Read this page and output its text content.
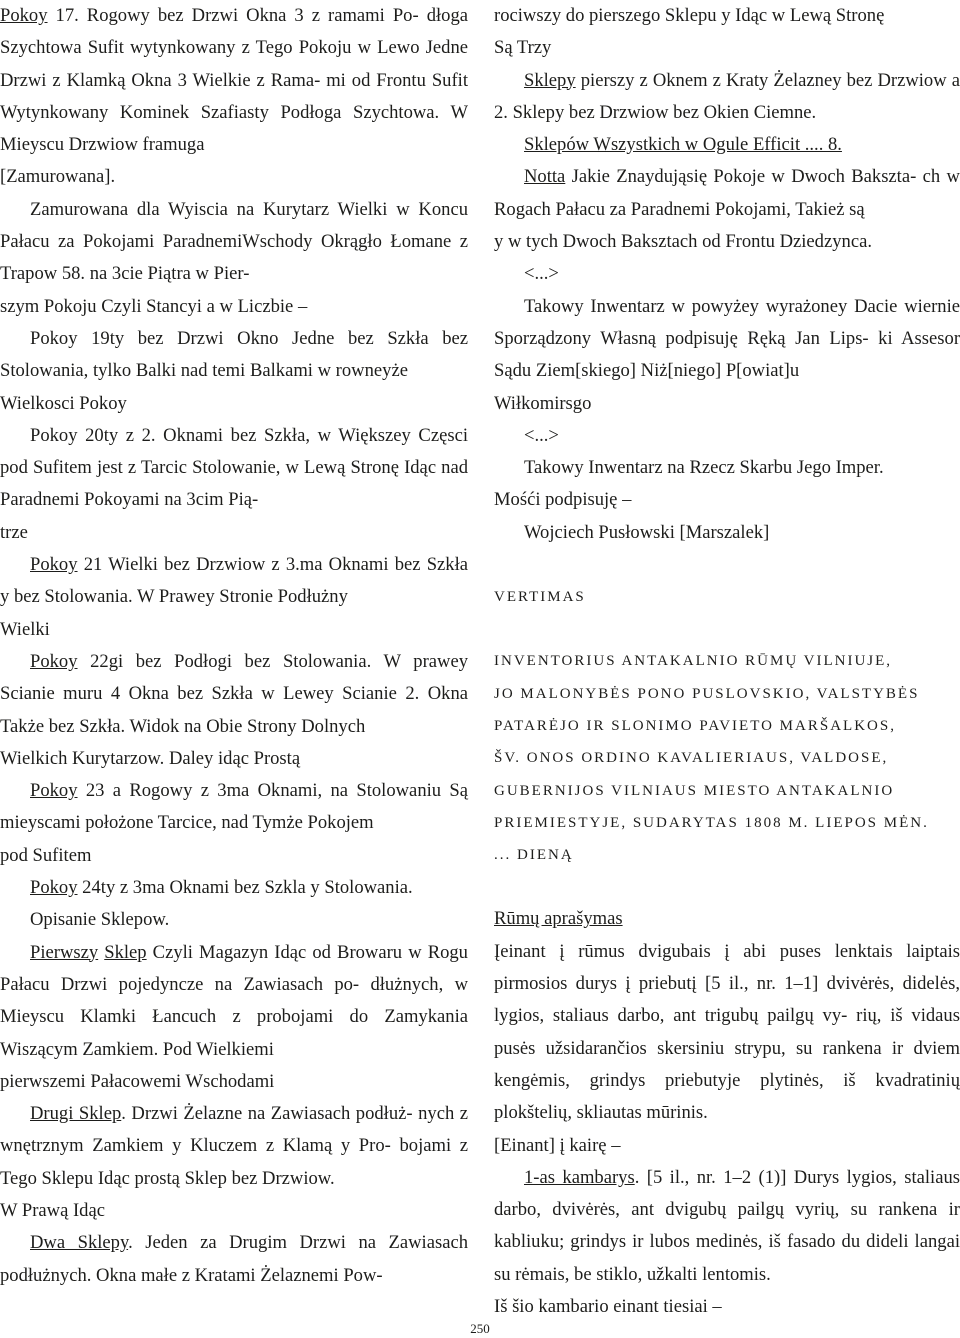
Pokoy 17. Rogowy bez Drzwi Okna 3 z ramami Po- dłoga Szychtowa Sufit wytynkowany z Tego Pokoju w Lewo Jedne Drzwi z Klamką Okna 3 Wielkie z Rama- mi od Frontu Sufit Wytynkowany Kominek Szafiasty Podłoga Szychtowa. W Mieyscu Drzwiow framuga

[Zamurowana].

Zamurowana dla Wyiscia na Kurytarz Wielki w Koncu Pałacu za Pokojami ParadnemiWschody Okrągło Łomane z Trapow 58. na 3cie Piątra w Pier-

szym Pokoju Czyli Stancyi a w Liczbie –

Pokoy 19ty bez Drzwi Okno Jedne bez Szkła bez Stolowania, tylko Balki nad temi Balkami w rowneyże

Wielkosci Pokoy

Pokoy 20ty z 2. Oknami bez Szkła, w Większey Częsci pod Sufitem jest z Tarcic Stolowanie, w Lewą Stronę Idąc nad Paradnemi Pokoyami na 3cim Pią-

trze

Pokoy 21 Wielki bez Drzwiow z 3.ma Oknami bez Szkła y bez Stolowania. W Prawey Stronie Podłużny

Wielki

Pokoy 22gi bez Podłogi bez Stolowania. W prawey Scianie muru 4 Okna bez Szkła w Lewey Scianie 2. Okna Także bez Szkła. Widok na Obie Strony Dolnych

Wielkich Kurytarzow. Daley idąc Prostą

Pokoy 23 a Rogowy z 3ma Oknami, na Stolowaniu Są mieyscami położone Tarcice, nad Tymże Pokojem

pod Sufitem

Pokoy 24ty z 3ma Oknami bez Szkla y Stolowania.

Opisanie Sklepow.

Pierwszy Sklep Czyli Magazyn Idąc od Browaru w Rogu Pałacu Drzwi pojedyncze na Zawiasach po- dłużnych, w Mieyscu Klamki Łancuch z probojami do Zamykania Wiszącym Zamkiem. Pod Wielkiemi

pierwszemi Pałacowemi Wschodami

Drugi Sklep. Drzwi Żelazne na Zawiasach podłuż- nych z wnętrznym Zamkiem y Kluczem z Klamą y Pro- bojami z Tego Sklepu Idąc prostą Sklep bez Drzwiow.

W Prawą Idąc

Dwa Sklepy. Jeden za Drugim Drzwi na Zawiasach podłużnych. Okna małe z Kratami Żelaznemi Pow-

rociwszy do pierszego Sklepu y Idąc w Lewą Stronę

Są Trzy

Sklepy pierszy z Oknem z Kraty Żelazney bez Drzwiow a 2. Sklepy bez Drzwiow bez Okien Ciemne.

Sklepów Wszystkich w Ogule Efficit .... 8.

Notta Jakie Znaydująsię Pokoje w Dwoch Baksztа- ch w Rogach Pałacu za Paradnemi Pokojami, Takież są

y w tych Dwoch Baksztach od Frontu Dziedzynca.

<...>

Takowy Inwentarz w powyżey wyrażoney Dacie wiernie Sporządzony Własną podpisuję Ręką Jan Lips- ki Assesor Sądu Ziem[skiego] Niż[niego] P[owiat]u

Wiłkomirsgo

<...>

Takowy Inwentarz na Rzecz Skarbu Jego Imper.

Mośći podpisuję –

Wojciech Pusłowski [Marszalek]

VERTIMAS

INVENTORIUS ANTAKALNIO RŪMŲ VILNIUJE,

JO MALONYBĖS PONO PUSLOVSKIO, VALSTYBĖS

PATARĖJO IR SLONIMO PAVIETO MARŠALKOS,

ŠV. ONOS ORDINO KAVALIERIAUS, VALDOSE,

GUBERNIJOS VILNIAUS MIESTO ANTAKALNIO

PRIEMIESTYJE, SUDARYTAS 1808 M. LIEPOS MĖN.

... DIENĄ

Rūmų aprašymas

Įeinant į rūmus dvigubais į abi puses lenktais laiptais pirmosios durys į priebutį [5 il., nr. 1–1] dvivėrės, didelės, lygios, staliaus darbo, ant trigubų pailgų vy- rių, iš vidaus pusės užsidarančios skersiniu strypu, su rankena ir dviem kengėmis, grindys priebutyje plytinės, iš kvadratinių plokštelių, skliautas mūrinis.

[Einant] į kairę –

1-as kambarys. [5 il., nr. 1–2 (1)] Durys lygios, staliaus darbo, dvivėrės, ant dvigubų pailgų vyrių, su rankena ir kabliuku; grindys ir lubos medinės, iš fasado du dideli langai su rėmais, be stiklo, užkalti lentomis.

Iš šio kambario einant tiesiai –

250
